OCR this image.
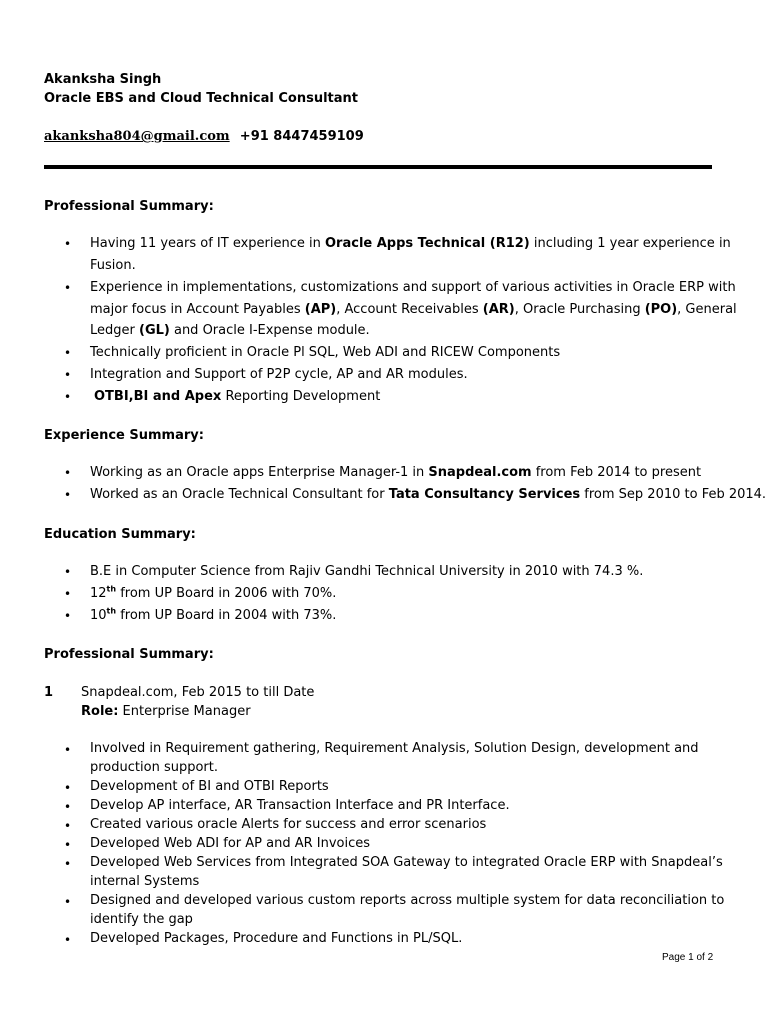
Akanksha Singh
Oracle EBS and Cloud Technical Consultant
akanksha804@gmail.com +91 8447459109
Professional Summary:
• Having 11 years of IT experience in Oracle Apps Technical (R12) including 1 year experience in
Fusion.
• Experience in implementations, customizations and support of various activities in Oracle ERP with
major focus in Account Payables (AP), Account Receivables (AR), Oracle Purchasing (PO), General
Ledger (GL) and Oracle I-Expense module.
• Technically proficient in Oracle Pl SQL, Web ADI and RICEW Components
• Integration and Support of P2P cycle, AP and AR modules.
• OTBI,BI and Apex Reporting Development
Experience Summary:
• Working as an Oracle apps Enterprise Manager-1 in Snapdeal.com from Feb 2014 to present
• Worked as an Oracle Technical Consultant for Tata Consultancy Services from Sep 2010 to Feb 2014.
Education Summary:
• B.E in Computer Science from Rajiv Gandhi Technical University in 2010 with 74.3 %.
• 12th from UP Board in 2006 with 70%.
• 10th from UP Board in 2004 with 73%.
Professional Summary:
1 Snapdeal.com, Feb 2015 to till Date
Role: Enterprise Manager
• Involved in Requirement gathering, Requirement Analysis, Solution Design, development and
production support.
• Development of BI and OTBI Reports
• Develop AP interface, AR Transaction Interface and PR Interface.
• Created various oracle Alerts for success and error scenarios
• Developed Web ADI for AP and AR Invoices
• Developed Web Services from Integrated SOA Gateway to integrated Oracle ERP with Snapdeal’s
internal Systems
• Designed and developed various custom reports across multiple system for data reconciliation to
identify the gap
• Developed Packages, Procedure and Functions in PL/SQL.
Page 1 of 2
